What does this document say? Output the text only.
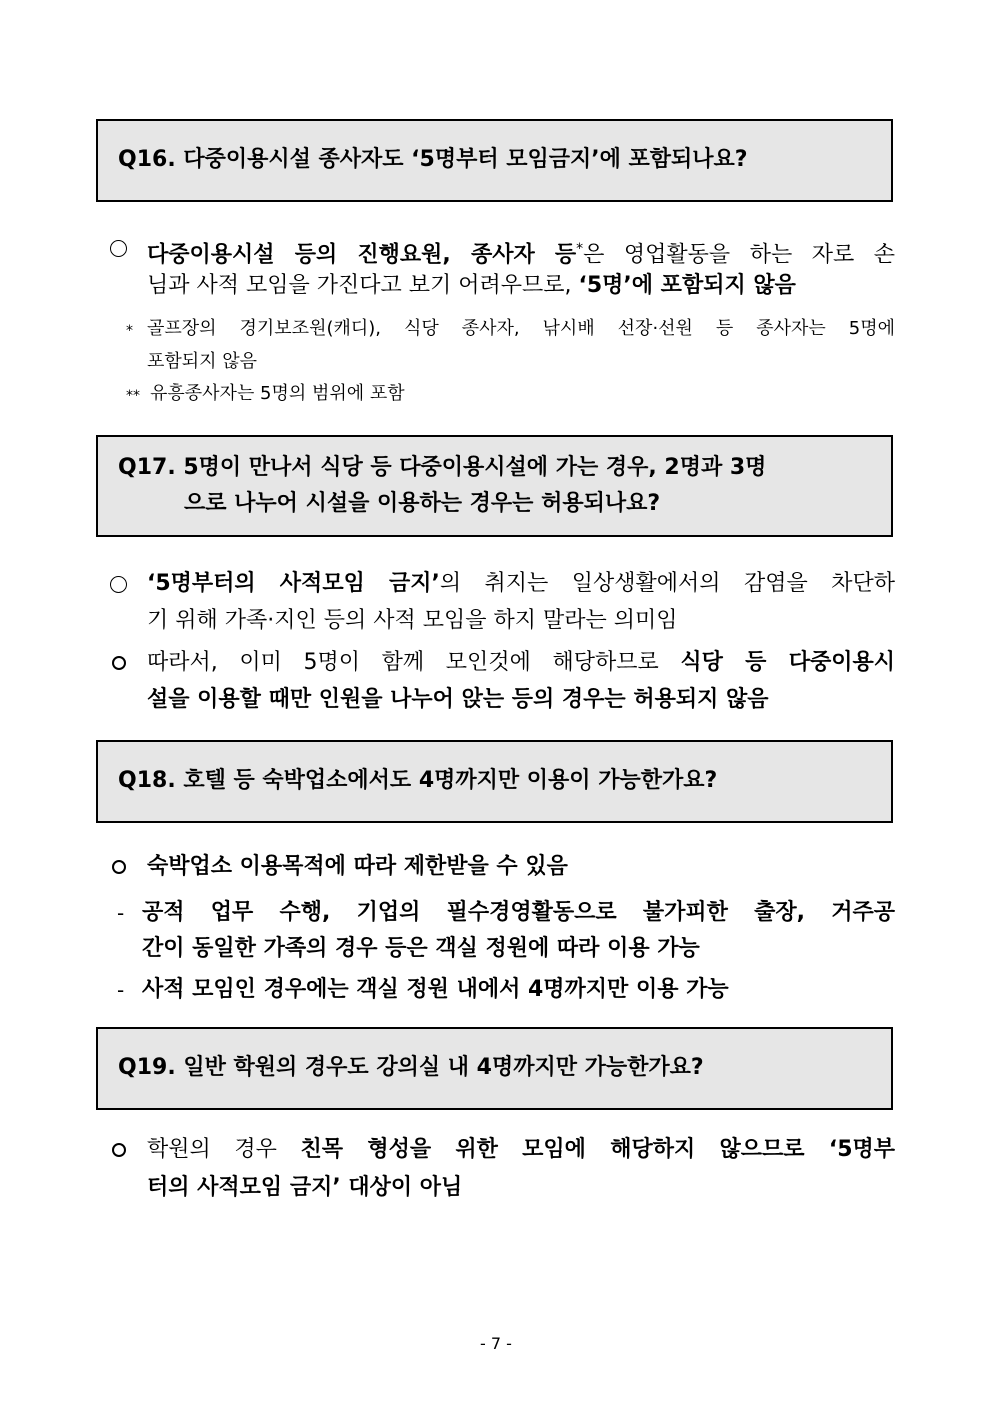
Q16. 다중이용시설 종사자도 ‘5명부터 모임금지’에 포함되나요?
다중이용시설 등의 진행요원, 종사자 등*은 영업활동을 하는 자로 손
님과 사적 모임을 가진다고 보기 어려우므로, ‘5명’에 포함되지 않음
* 골프장의 경기보조원(캐디), 식당 종사자, 낚시배 선장·선원 등 종사자는 5명에
포함되지 않음
** 유흥종사자는 5명의 범위에 포함
Q17. 5명이 만나서 식당 등 다중이용시설에 가는 경우, 2명과 3명
으로 나누어 시설을 이용하는 경우는 허용되나요?
‘5명부터의 사적모임 금지’의 취지는 일상생활에서의 감염을 차단하
기 위해 가족·지인 등의 사적 모임을 하지 말라는 의미임
따라서, 이미 5명이 함께 모인것에 해당하므로 식당 등 다중이용시
설을 이용할 때만 인원을 나누어 앉는 등의 경우는 허용되지 않음
Q18. 호텔 등 숙박업소에서도 4명까지만 이용이 가능한가요?
숙박업소 이용목적에 따라 제한받을 수 있음
- 공적 업무 수행, 기업의 필수경영활동으로 불가피한 출장, 거주공
간이 동일한 가족의 경우 등은 객실 정원에 따라 이용 가능
- 사적 모임인 경우에는 객실 정원 내에서 4명까지만 이용 가능
Q19. 일반 학원의 경우도 강의실 내 4명까지만 가능한가요?
학원의 경우 친목 형성을 위한 모임에 해당하지 않으므로 ‘5명부
터의 사적모임 금지’ 대상이 아님
- 7 -
